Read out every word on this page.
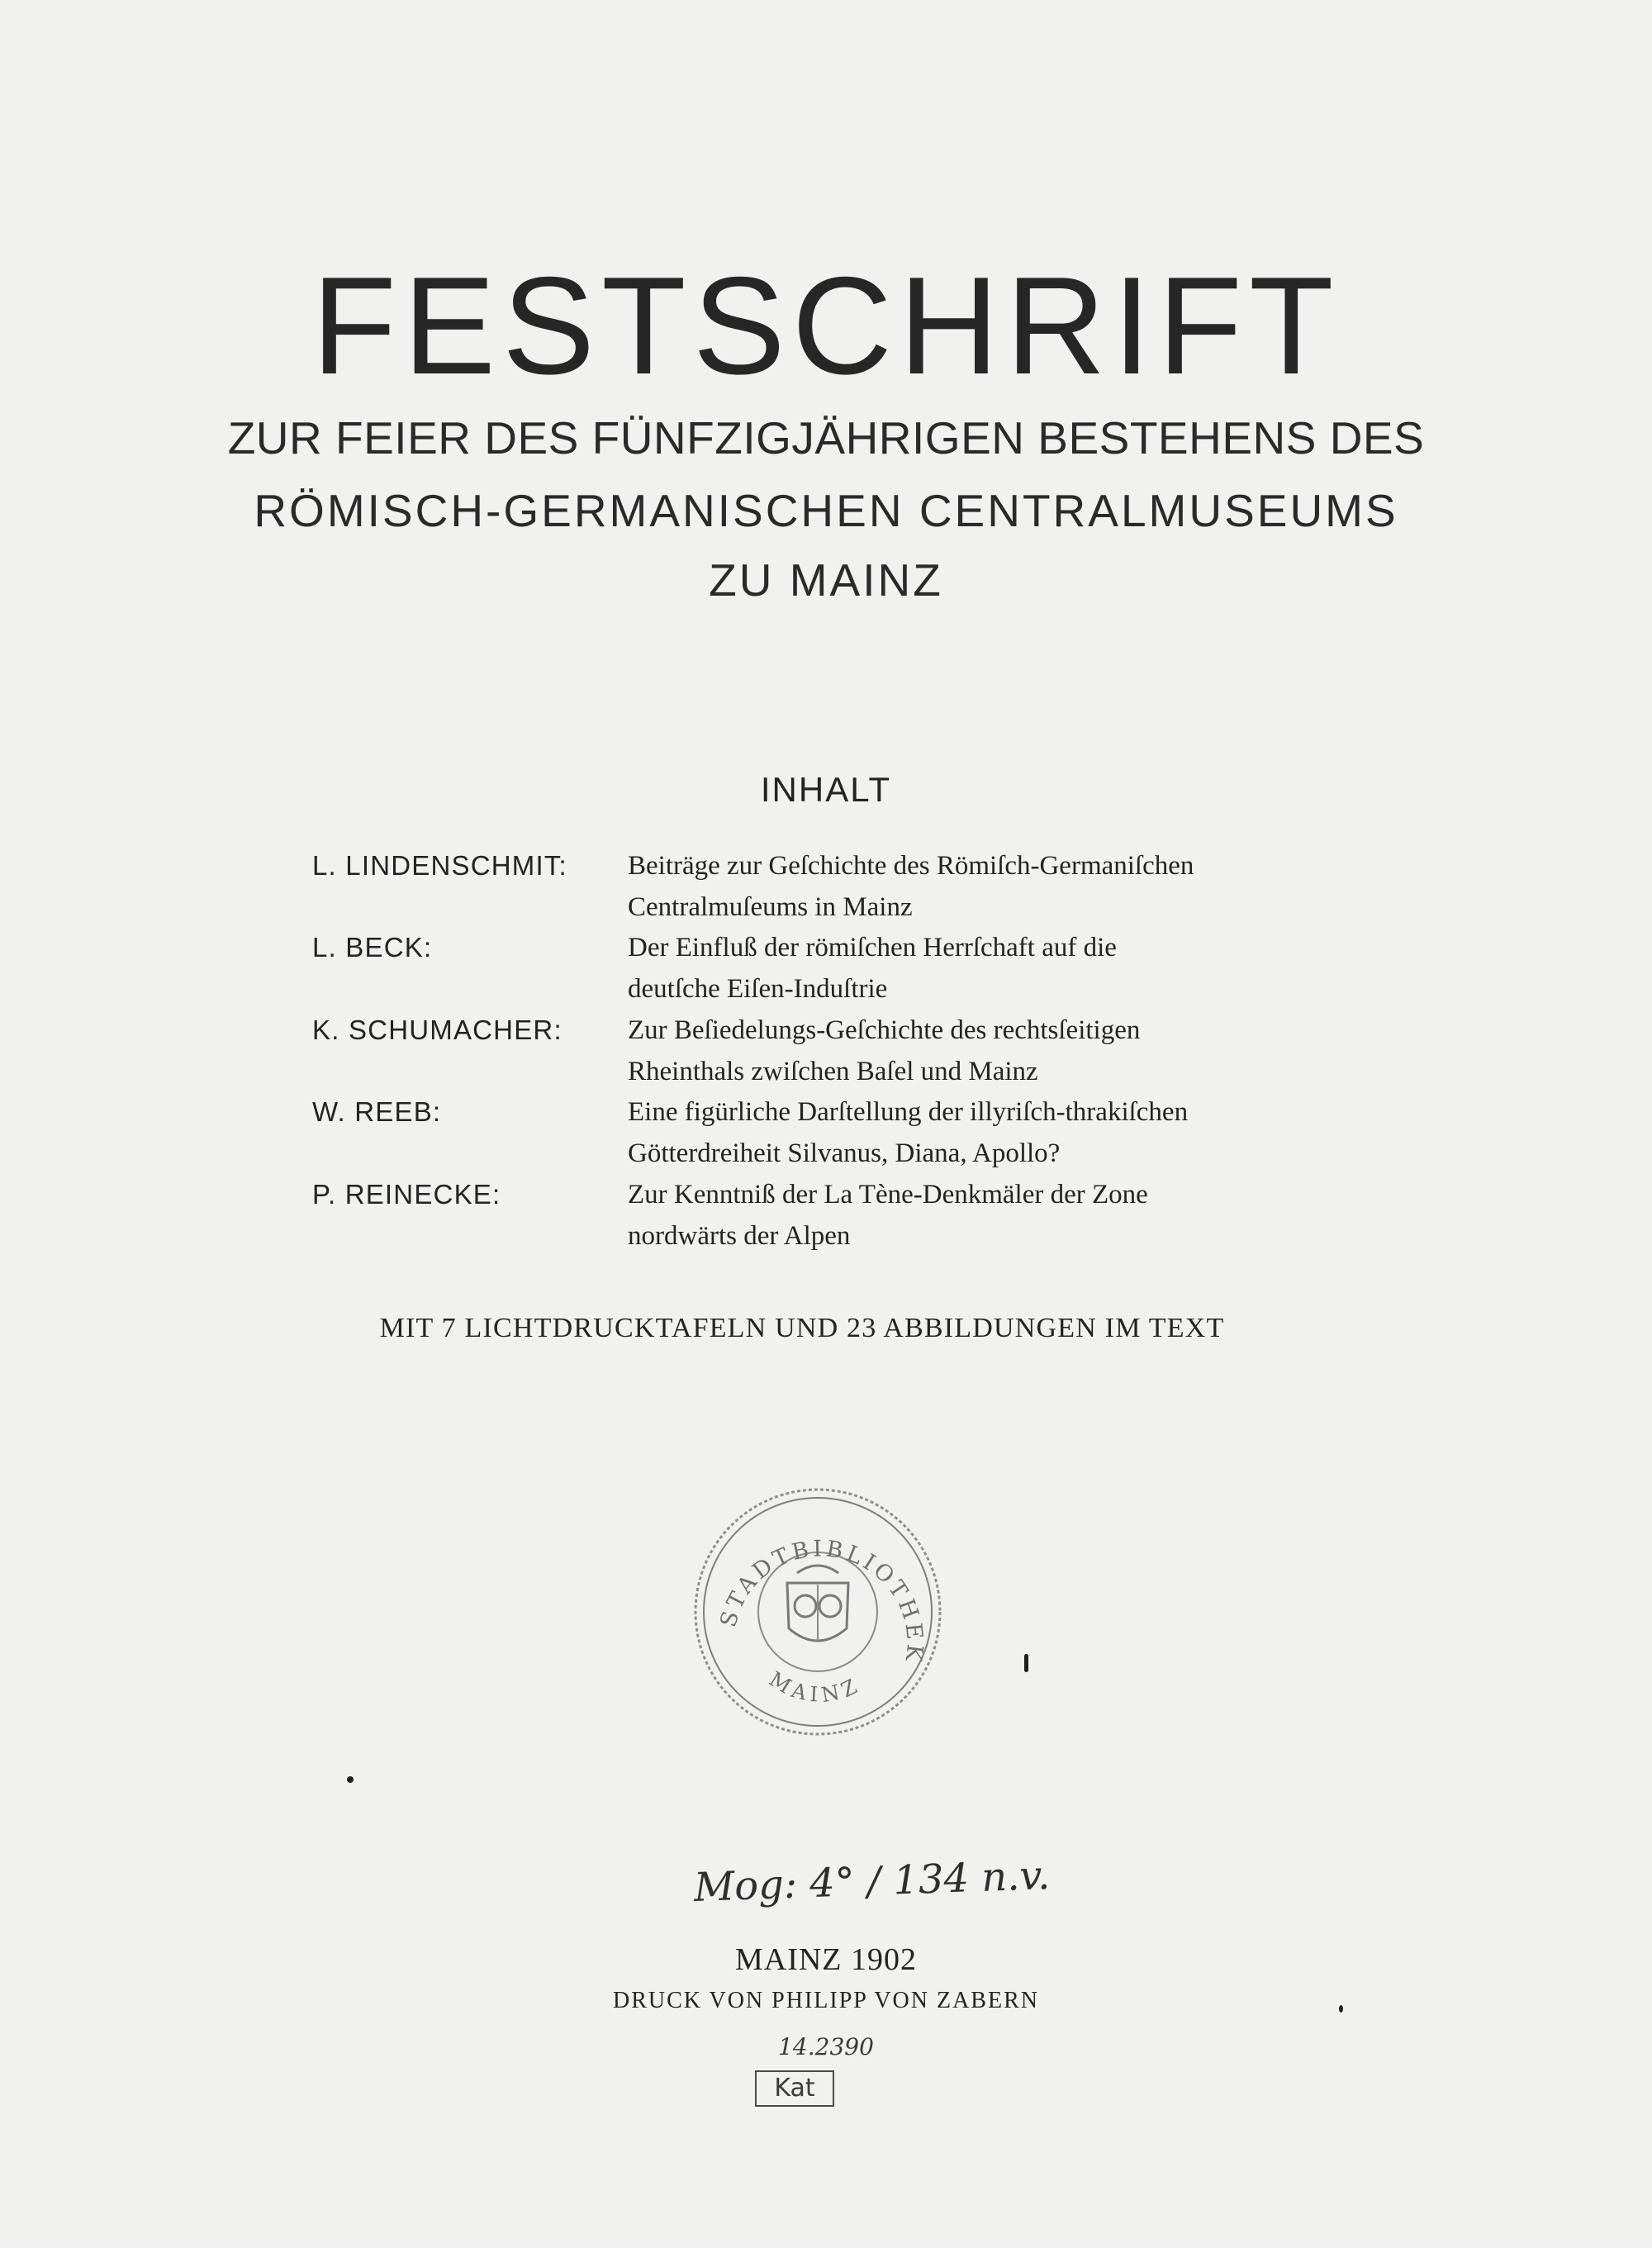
FESTSCHRIFT
ZUR FEIER DES FÜNFZIGJÄHRIGEN BESTEHENS DES
RÖMISCH-GERMANISCHEN CENTRALMUSEUMS
ZU MAINZ
INHALT
L. LINDENSCHMIT:	Beiträge zur Geſchichte des Römiſch-Germaniſchen
Centralmuſeums in Mainz
L. BECK:	Der Einfluß der römiſchen Herrſchaft auf die
deutſche Eiſen-Induſtrie
K. SCHUMACHER:	Zur Beſiedelungs-Geſchichte des rechtsſeitigen
Rheinthals zwiſchen Baſel und Mainz
W. REEB:	Eine figürliche Darſtellung der illyriſch-thrakiſchen
Götterdreiheit Silvanus, Diana, Apollo?
P. REINECKE:	Zur Kenntniß der La Tène-Denkmäler der Zone
nordwärts der Alpen
MIT 7 LICHTDRUCKTAFELN UND 23 ABBILDUNGEN IM TEXT
STADTBIBLIOTHEK
MAINZ
Mog: 4° / 134 n.v.
MAINZ 1902
DRUCK VON PHILIPP VON ZABERN
14.2390
Kat
